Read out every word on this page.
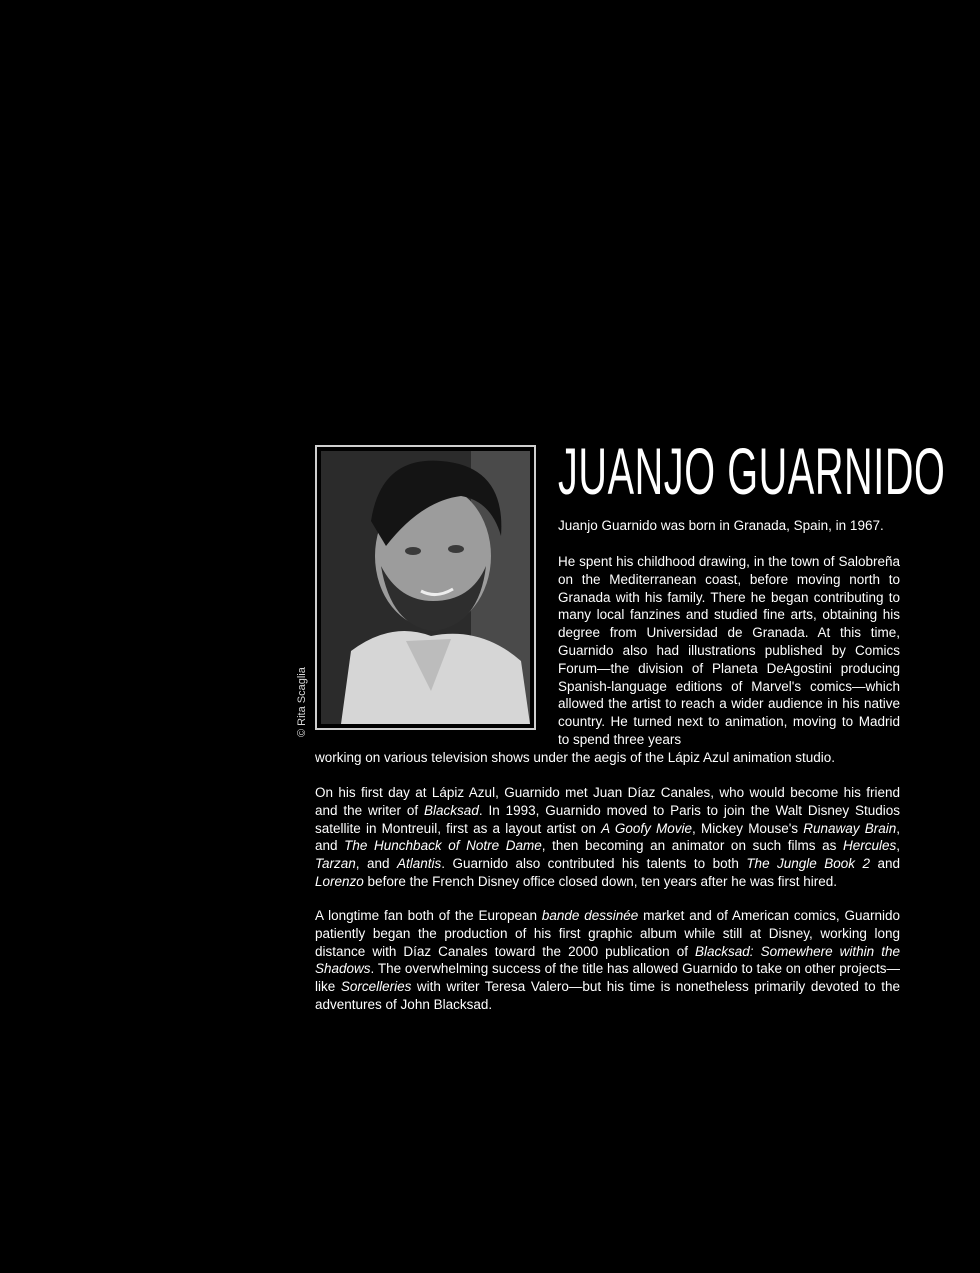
© Rita Scaglia
JUANJO GUARNIDO

Juanjo Guarnido was born in Granada, Spain, in 1967.

He spent his childhood drawing, in the town of Salobreña on the Mediterranean coast, before moving north to Granada with his family. There he began contributing to many local fanzines and studied fine arts, obtaining his degree from Universidad de Granada. At this time, Guarnido also had illustrations published by Comics Forum—the division of Planeta DeAgostini producing Spanish-language editions of Marvel's comics—which allowed the artist to reach a wider audience in his native country. He turned next to animation, moving to Madrid to spend three years

working on various television shows under the aegis of the Lápiz Azul animation studio.

On his first day at Lápiz Azul, Guarnido met Juan Díaz Canales, who would become his friend and the writer of Blacksad. In 1993, Guarnido moved to Paris to join the Walt Disney Studios satellite in Montreuil, first as a layout artist on A Goofy Movie, Mickey Mouse's Runaway Brain, and The Hunchback of Notre Dame, then becoming an animator on such films as Hercules, Tarzan, and Atlantis. Guarnido also contributed his talents to both The Jungle Book 2 and Lorenzo before the French Disney office closed down, ten years after he was first hired.

A longtime fan both of the European bande dessinée market and of American comics, Guarnido patiently began the production of his first graphic album while still at Disney, working long distance with Díaz Canales toward the 2000 publication of Blacksad: Somewhere within the Shadows. The overwhelming success of the title has allowed Guarnido to take on other projects—like Sorcelleries with writer Teresa Valero—but his time is nonetheless primarily devoted to the adventures of John Blacksad.
